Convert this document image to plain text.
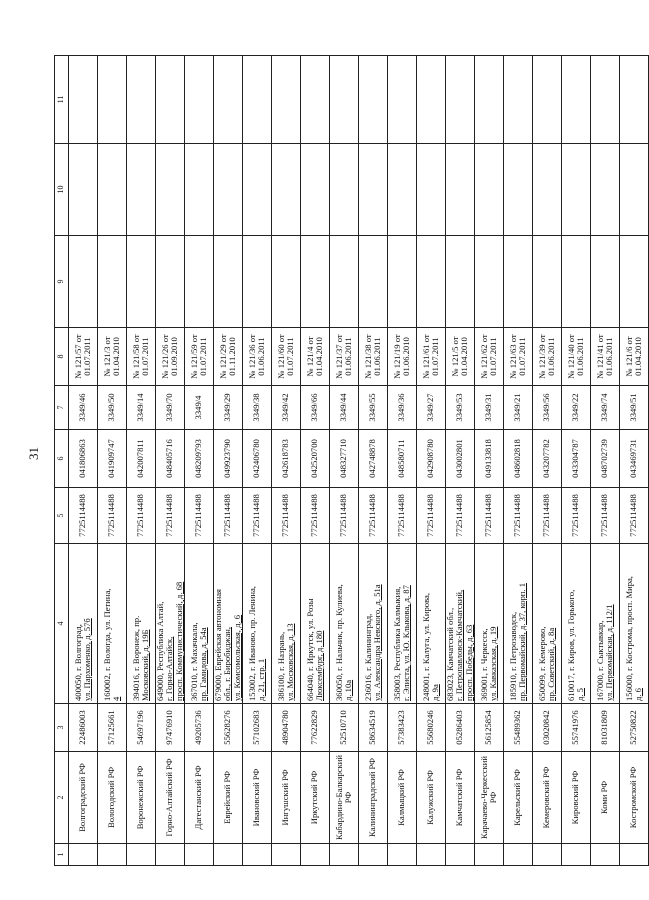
31
1	2	3	4	5	6	7	8	9	10	11
	Волгоградский РФ	22486003	400050, г. Волгоград, ул. Пархоменко, д. 57б	7725114488	041806863	3349/46	№ 121/57 от 01.07.2011			

	Вологодский РФ	57125661	160002, г. Вологда, ул. Петина, 4	7725114488	041909747	3349/50	№ 121/3 от 01.04.2010			

	Воронежский РФ	54697196	394016, г. Воронеж, пр. Московский, д. 19Б	7725114488	042007811	3349/14	№ 121/58 от 01.07.2011			

	Горно-Алтайский РФ	97476910	649000, Республика Алтай, г. Горно-Алтайск, просп. Коммунистический, д. 68	7725114488	048405716	3349/70	№ 121/26 от 01.09.2010			

	Дагестанский РФ	49205736	367010, г. Махачкала, пр. Гамидова, д. 54а	7725114488	048209793	3349/4	№ 121/59 от 01.07.2011			

	Еврейский РФ	55628276	679000, Еврейская автономная обл., г. Биробиджан, ул. Комсомольская, д. 6	7725114488	049923790	3349/29	№ 121/29 от 01.11.2010			

	Ивановский РФ	57102683	153002, г. Иваново, пр. Ленина, д. 21, стр. 1	7725114488	042406780	3349/38	№ 121/36 от 01.06.2011			

	Ингушский РФ	48904780	386100, г. Назрань, ул. Московская, д. 13	7725114488	042618783	3349/42	№ 121/60 от 01.07.2011			

	Иркутский РФ	77622829	664040, г. Иркутск, ул. Розы Люксембург, д. 180	7725114488	042520700	3349/66	№ 121/4 от 01.04.2010			

	Кабардино-Балкарский РФ	52510710	360050, г. Нальчик, пр. Кулиева, д. 10а	7725114488	048327710	3349/44	№ 121/37 от 01.06.2011			

	Калининградский РФ	58634519	236016, г. Калининград, ул. Александра Невского, д. 51а	7725114488	042748878	3349/55	№ 121/38 от 01.06.2011			

	Калмыцкий РФ	57383423	358003, Республика Калмыкия, г. Элиста, ул. Ю. Клыкова, д. 87	7725114488	048580711	3349/36	№ 121/19 от 01.06.2010			

	Калужский РФ	55680246	248001, г. Калуга, ул. Кирова, д. 9а	7725114488	042908780	3349/27	№ 121/61 от 01.07.2011			

	Камчатский РФ	05286403	683023, Камчатский обл., г. Петропавловск-Камчатский, просп. Победы, д. 63	7725114488	043002801	3349/53	№ 121/5 от 01.04.2010			

	Карачаево-Черкесский РФ	56125854	369001, г. Черкесск, ул. Кавказская, д. 19	7725114488	049133818	3349/31	№ 121/62 от 01.07.2011			

	Карельский РФ	55489362	185910, г. Петрозаводск, пр. Первомайский, д. 37, корп. 1	7725114488	048602818	3349/21	№ 121/63 от 01.07.2011			

	Кемеровский РФ	03020842	650099, г. Кемерово, пр. Советский, д. 8а	7725114488	043207782	3349/56	№ 121/39 от 01.06.2011			

	Кировский РФ	55741976	610017, г. Киров, ул. Горького, д. 5	7725114488	043304787	3349/22	№ 121/40 от 01.06.2011			

	Коми РФ	81031809	167000, г. Сыктывкар, ул. Первомайская, д. 112/1	7725114488	048702739	3349/74	№ 121/41 от 01.06.2011			

	Костромской РФ	52750822	156000, г. Кострома, просп. Мира, д. 6	7725114488	043469731	3349/51	№ 121/6 от 01.04.2010			
